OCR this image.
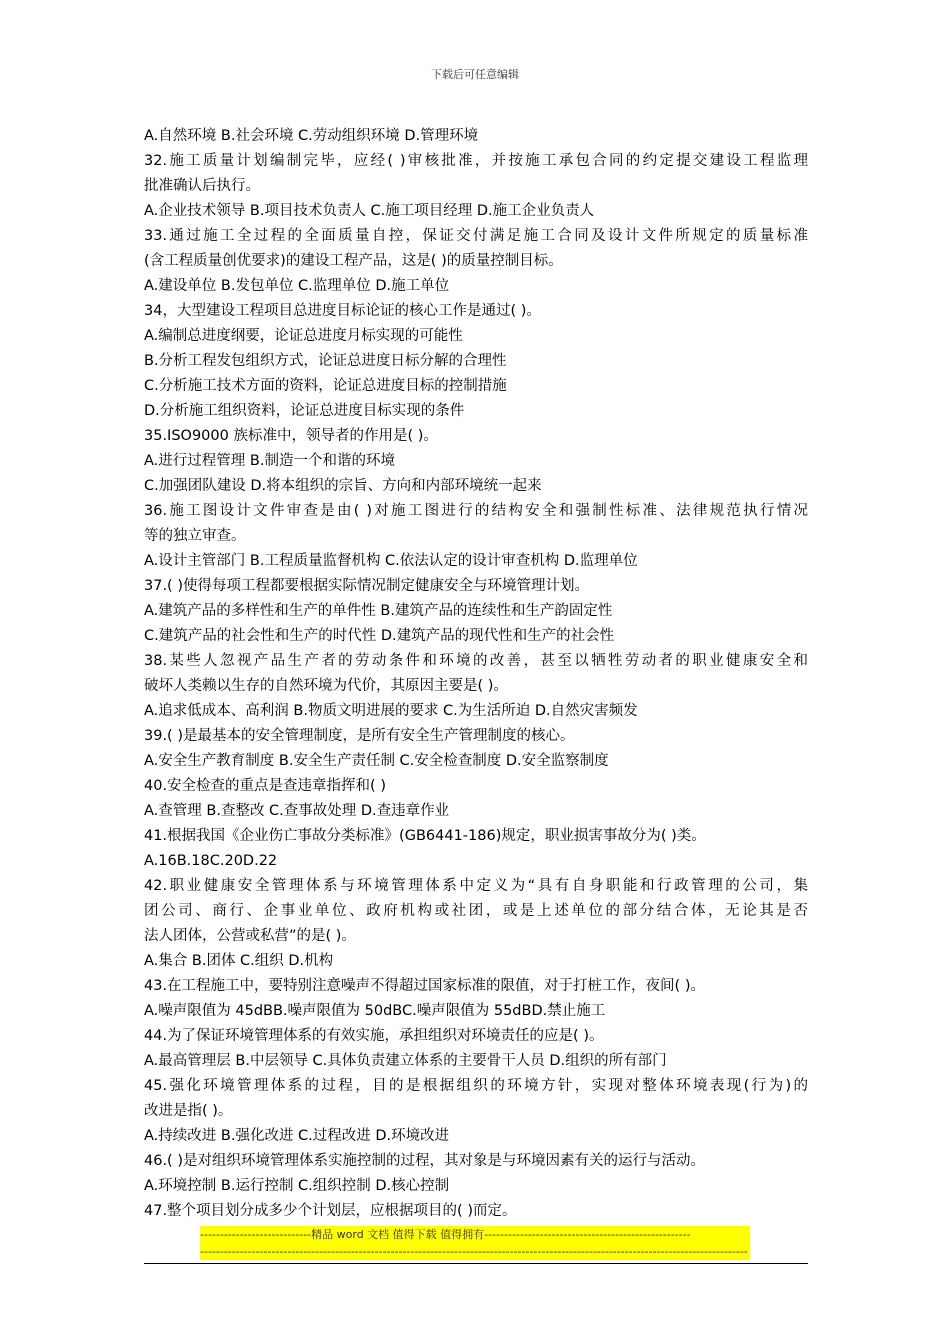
下载后可任意编辑
A.自然环境 B.社会环境 C.劳动组织环境 D.管理环境
32.施工质量计划编制完毕，应经( )审核批准，并按施工承包合同的约定提交建设工程监理
批准确认后执行。
A.企业技术领导 B.项目技术负责人 C.施工项目经理 D.施工企业负责人
33.通过施工全过程的全面质量自控，保证交付满足施工合同及设计文件所规定的质量标准
(含工程质量创优要求)的建设工程产品，这是( )的质量控制目标。
A.建设单位 B.发包单位 C.监理单位 D.施工单位
34，大型建设工程项目总进度目标论证的核心工作是通过( )。
A.编制总进度纲要，论证总进度月标实现的可能性
B.分析工程发包组织方式，论证总进度日标分解的合理性
C.分析施工技术方面的资料，论证总进度目标的控制措施
D.分析施工组织资料，论证总进度目标实现的条件
35.ISO9000 族标准中，领导者的作用是( )。
A.进行过程管理 B.制造一个和谐的环境
C.加强团队建设 D.将本组织的宗旨、方向和内部环境统一起来
36.施工图设计文件审查是由( )对施工图进行的结构安全和强制性标准、法律规范执行情况
等的独立审查。
A.设计主管部门 B.工程质量监督机构 C.依法认定的设计审查机构 D.监理单位
37.( )使得每项工程都要根据实际情况制定健康安全与环境管理计划。
A.建筑产品的多样性和生产的单件性 B.建筑产品的连续性和生产韵固定性
C.建筑产品的社会性和生产的时代性 D.建筑产品的现代性和生产的社会性
38.某些人忽视产品生产者的劳动条件和环境的改善，甚至以牺牲劳动者的职业健康安全和
破坏人类赖以生存的自然环境为代价，其原因主要是( )。
A.追求低成本、高利润 B.物质文明进展的要求 C.为生活所迫 D.自然灾害频发
39.( )是最基本的安全管理制度，是所有安全生产管理制度的核心。
A.安全生产教育制度 B.安全生产责任制 C.安全检查制度 D.安全监察制度
40.安全检查的重点是查违章指挥和( )
A.查管理 B.查整改 C.查事故处理 D.查违章作业
41.根据我国《企业伤亡事故分类标准》(GB6441-186)规定，职业损害事故分为( )类。
A.16B.18C.20D.22
42.职业健康安全管理体系与环境管理体系中定义为“具有自身职能和行政管理的公司，集
团公司、商行、企事业单位、政府机构或社团，或是上述单位的部分结合体，无论其是否
法人团体，公营或私营”的是( )。
A.集合 B.团体 C.组织 D.机构
43.在工程施工中，要特别注意噪声不得超过国家标准的限值，对于打桩工作，夜间( )。
A.噪声限值为 45dBB.噪声限值为 50dBC.噪声限值为 55dBD.禁止施工
44.为了保证环境管理体系的有效实施，承担组织对环境责任的应是( )。
A.最高管理层 B.中层领导 C.具体负责建立体系的主要骨干人员 D.组织的所有部门
45.强化环境管理体系的过程，目的是根据组织的环境方针，实现对整体环境表现(行为)的
改进是指( )。
A.持续改进 B.强化改进 C.过程改进 D.环境改进
46.( )是对组织环境管理体系实施控制的过程，其对象是与环境因素有关的运行与活动。
A.环境控制 B.运行控制 C.组织控制 D.核心控制
47.整个项目划分成多少个计划层，应根据项目的( )而定。
----------------------------精品 word 文档 值得下载 值得拥有----------------------------------------------------
------------------------------------------------------------------------------------------------------------------------------------------
